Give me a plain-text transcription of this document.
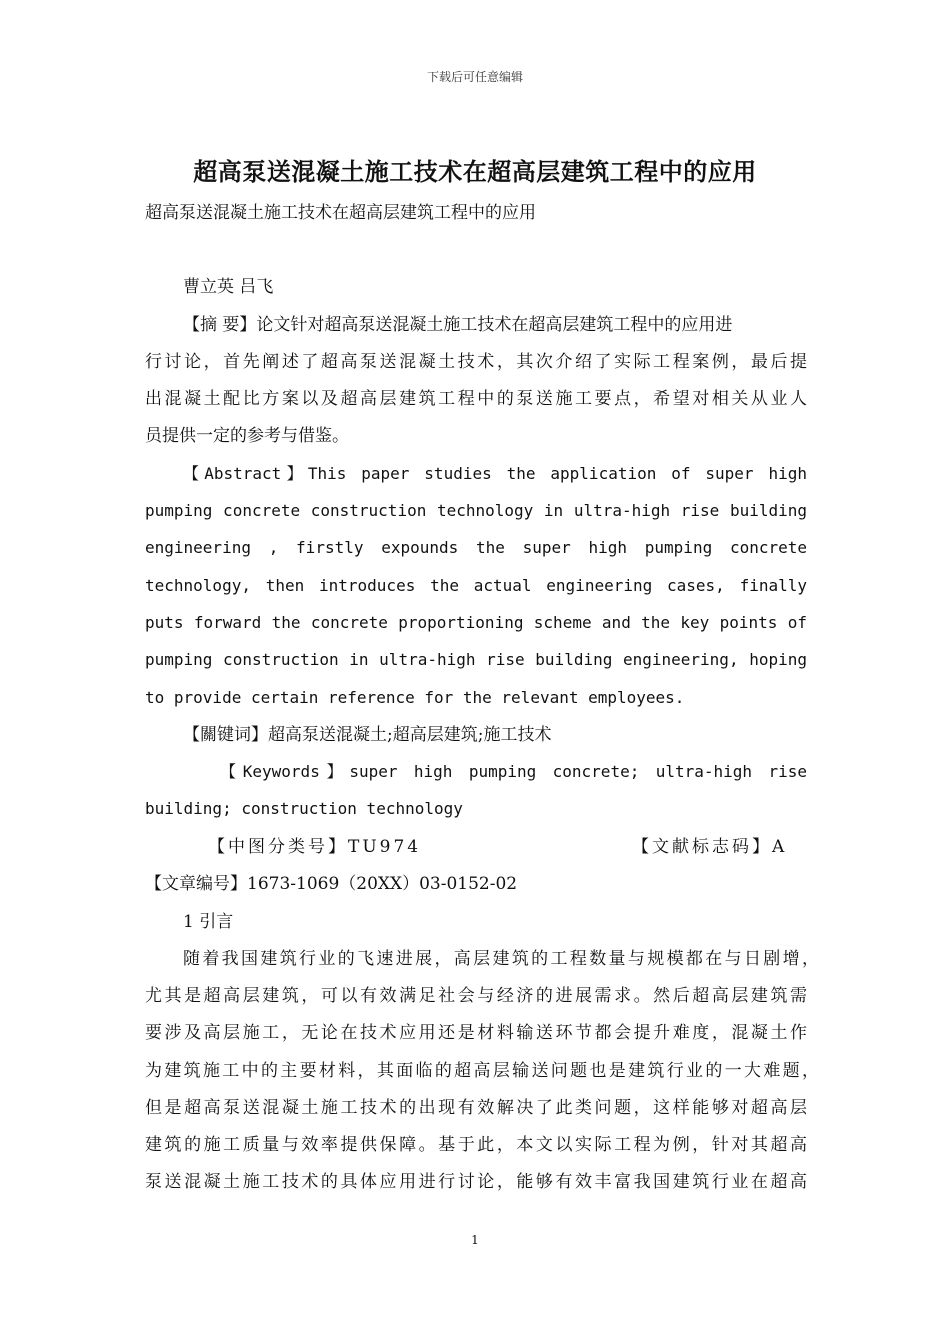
下载后可任意编辑
超高泵送混凝土施工技术在超高层建筑工程中的应用
超高泵送混凝土施工技术在超高层建筑工程中的应用
曹立英 吕飞
【摘 要】论文针对超高泵送混凝土施工技术在超高层建筑工程中的应用进
行讨论，首先阐述了超高泵送混凝土技术，其次介绍了实际工程案例，最后提
出混凝土配比方案以及超高层建筑工程中的泵送施工要点，希望对相关从业人
员提供一定的参考与借鉴。
【Abstract】This paper studies the application of super high
pumping concrete construction technology in ultra-high rise building
engineering , firstly expounds the super high pumping concrete
technology, then introduces the actual engineering cases, finally
puts forward the concrete proportioning scheme and the key points of
pumping construction in ultra-high rise building engineering, hoping
to provide certain reference for the relevant employees.
【關键词】超高泵送混凝土;超高层建筑;施工技术
【Keywords】super high pumping concrete; ultra-high rise
building; construction technology
【中图分类号】TU974	【文献标志码】A
【文章编号】1673-1069（20XX）03-0152-02
1 引言
随着我国建筑行业的飞速进展，高层建筑的工程数量与规模都在与日剧增，
尤其是超高层建筑，可以有效满足社会与经济的进展需求。然后超高层建筑需
要涉及高层施工，无论在技术应用还是材料输送环节都会提升难度，混凝土作
为建筑施工中的主要材料，其面临的超高层输送问题也是建筑行业的一大难题，
但是超高泵送混凝土施工技术的出现有效解决了此类问题，这样能够对超高层
建筑的施工质量与效率提供保障。基于此，本文以实际工程为例，针对其超高
泵送混凝土施工技术的具体应用进行讨论，能够有效丰富我国建筑行业在超高
1
